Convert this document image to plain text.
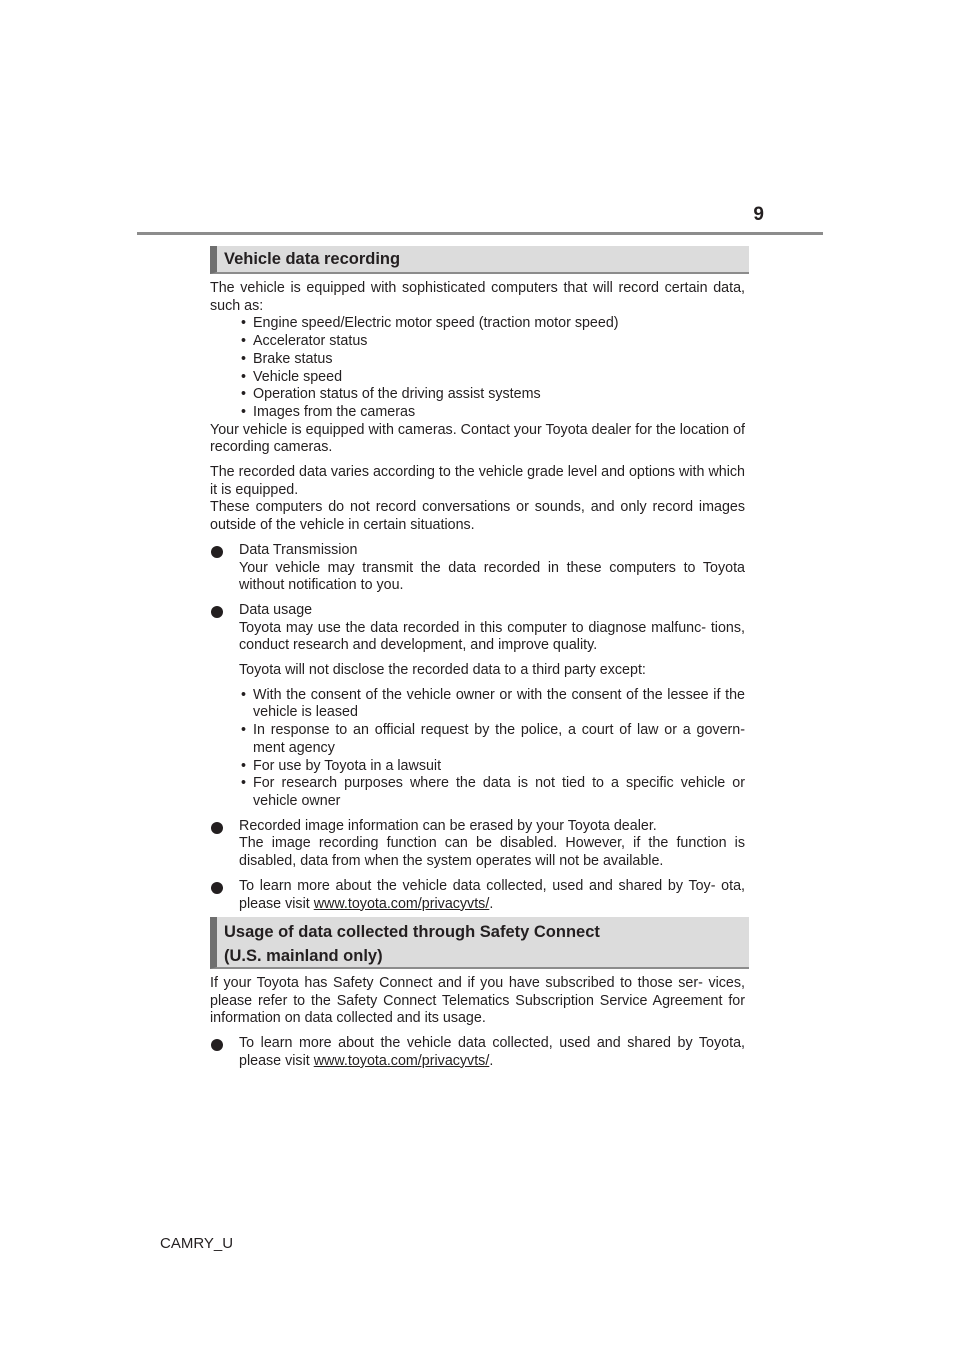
9
Vehicle data recording

The vehicle is equipped with sophisticated computers that will record certain data, such as:

• Engine speed/Electric motor speed (traction motor speed)
• Accelerator status
• Brake status
• Vehicle speed
• Operation status of the driving assist systems
• Images from the cameras

Your vehicle is equipped with cameras. Contact your Toyota dealer for the location of recording cameras.

The recorded data varies according to the vehicle grade level and options with which it is equipped.

These computers do not record conversations or sounds, and only record images outside of the vehicle in certain situations.

Data Transmission

Your vehicle may transmit the data recorded in these computers to Toyota without notification to you.

Data usage

Toyota may use the data recorded in this computer to diagnose malfunc- tions, conduct research and development, and improve quality.

Toyota will not disclose the recorded data to a third party except:

• With the consent of the vehicle owner or with the consent of the lessee if the vehicle is leased
• In response to an official request by the police, a court of law or a govern- ment agency
• For use by Toyota in a lawsuit
• For research purposes where the data is not tied to a specific vehicle or vehicle owner

Recorded image information can be erased by your Toyota dealer.

The image recording function can be disabled. However, if the function is disabled, data from when the system operates will not be available.

To learn more about the vehicle data collected, used and shared by Toy- ota, please visit www.toyota.com/privacyvts/.

Usage of data collected through Safety Connect
(U.S. mainland only)

If your Toyota has Safety Connect and if you have subscribed to those ser- vices, please refer to the Safety Connect Telematics Subscription Service Agreement for information on data collected and its usage.

To learn more about the vehicle data collected, used and shared by Toyota, please visit www.toyota.com/privacyvts/.

CAMRY_U
